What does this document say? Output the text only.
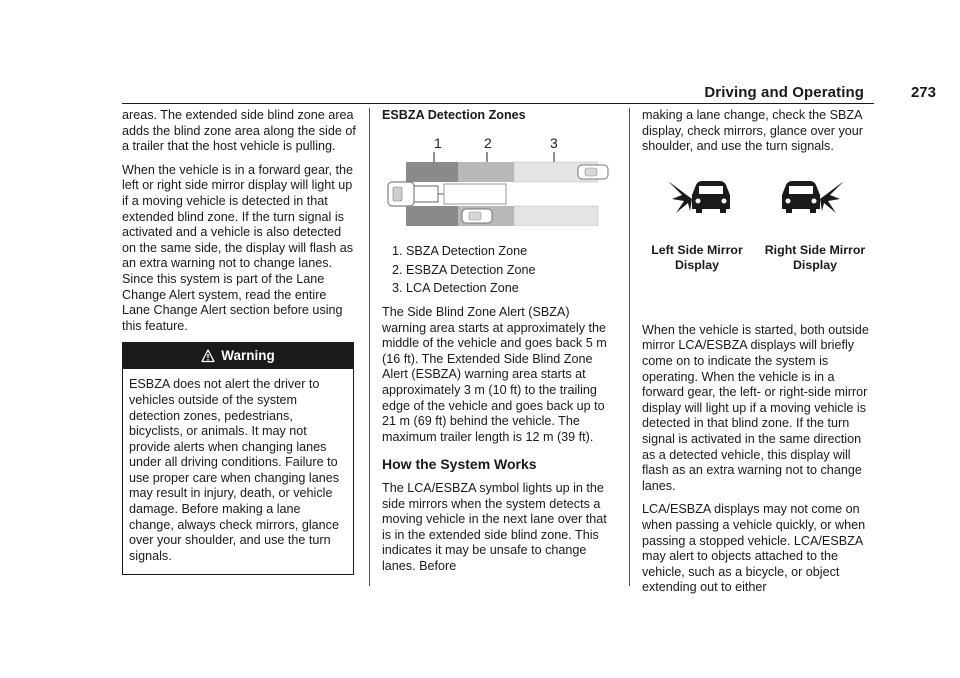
Driving and Operating	273

areas. The extended side blind zone area adds the blind zone area along the side of a trailer that the host vehicle is pulling.

When the vehicle is in a forward gear, the left or right side mirror display will light up if a moving vehicle is detected in that extended blind zone. If the turn signal is activated and a vehicle is also detected on the same side, the display will flash as an extra warning not to change lanes. Since this system is part of the Lane Change Alert system, read the entire Lane Change Alert section before using this feature.

Warning
ESBZA does not alert the driver to vehicles outside of the system detection zones, pedestrians, bicyclists, or animals. It may not provide alerts when changing lanes under all driving conditions. Failure to use proper care when changing lanes may result in injury, death, or vehicle damage. Before making a lane change, always check mirrors, glance over your shoulder, and use the turn signals.
ESBZA Detection Zones
1	2	3
1. SBZA Detection Zone
2. ESBZA Detection Zone
3. LCA Detection Zone

The Side Blind Zone Alert (SBZA) warning area starts at approximately the middle of the vehicle and goes back 5 m (16 ft). The Extended Side Blind Zone Alert (ESBZA) warning area starts at approximately 3 m (10 ft) to the trailing edge of the vehicle and goes back up to 21 m (69 ft) behind the vehicle. The maximum trailer length is 12 m (39 ft).

How the System Works

The LCA/ESBZA symbol lights up in the side mirrors when the system detects a moving vehicle in the next lane over that is in the extended side blind zone. This indicates it may be unsafe to change lanes. Before

making a lane change, check the SBZA display, check mirrors, glance over your shoulder, and use the turn signals.

Left Side Mirror
Display
Right Side Mirror
Display

When the vehicle is started, both outside mirror LCA/ESBZA displays will briefly come on to indicate the system is operating. When the vehicle is in a forward gear, the left- or right-side mirror display will light up if a moving vehicle is detected in that blind zone. If the turn signal is activated in the same direction as a detected vehicle, this display will flash as an extra warning not to change lanes.

LCA/ESBZA displays may not come on when passing a vehicle quickly, or when passing a stopped vehicle. LCA/ESBZA may alert to objects attached to the vehicle, such as a bicycle, or object extending out to either
